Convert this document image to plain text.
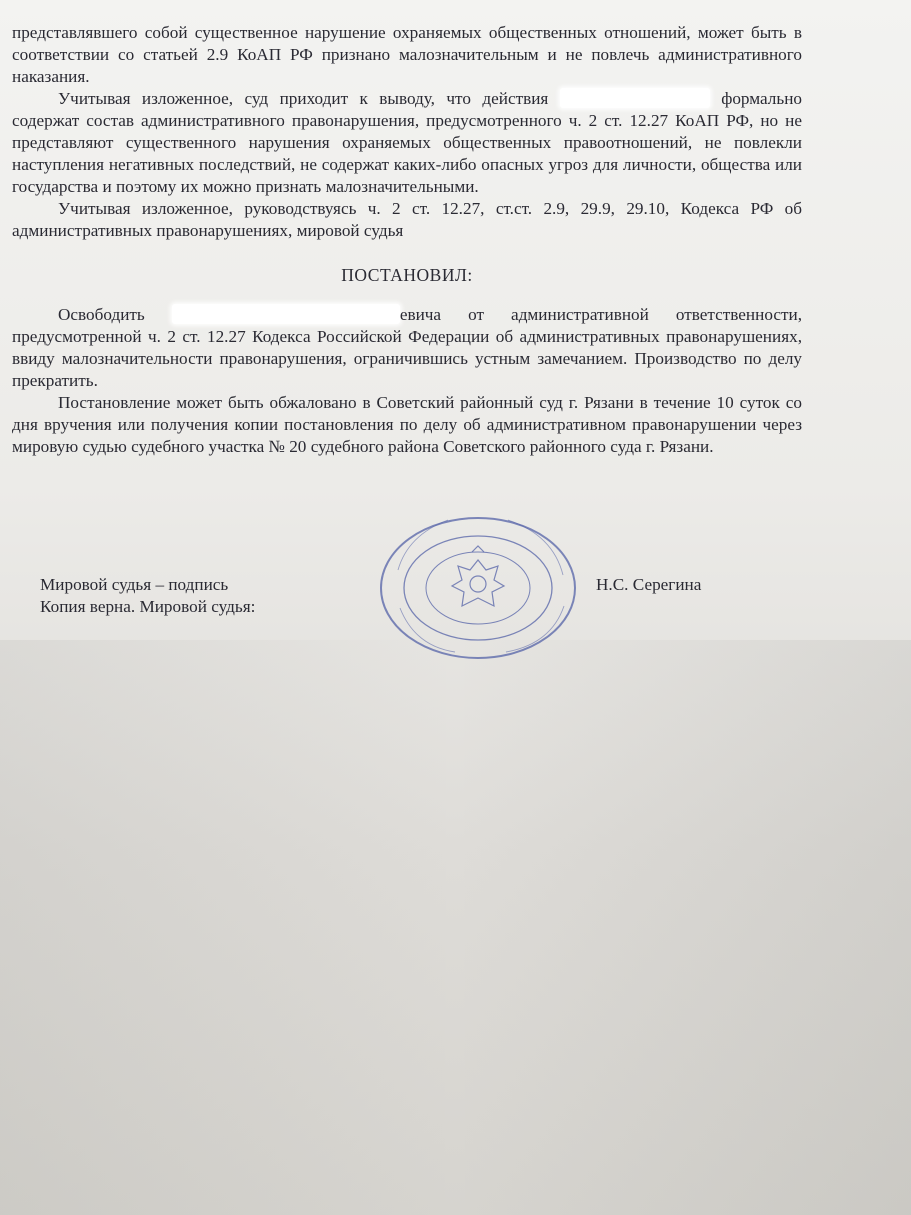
представлявшего собой существенное нарушение охраняемых общественных отношений, может быть в соответствии со статьей 2.9 КоАП РФ признано малозначительным и не повлечь административного наказания.

Учитывая изложенное, суд приходит к выводу, что действия	формально содержат состав административного правонарушения, предусмотренного ч. 2 ст. 12.27 КоАП РФ, но не представляют существенного нарушения охраняемых общественных правоотношений, не повлекли наступления негативных последствий, не содержат каких-либо опасных угроз для личности, общества или государства и поэтому их можно признать малозначительными.

Учитывая изложенное, руководствуясь ч. 2 ст. 12.27, ст.ст. 2.9, 29.9, 29.10, Кодекса РФ об административных правонарушениях, мировой судья

ПОСТАНОВИЛ:

Освободить	евича от административной ответственности, предусмотренной ч. 2 ст. 12.27 Кодекса Российской Федерации об административных правонарушениях, ввиду малозначительности правонарушения, ограничившись устным замечанием. Производство по делу прекратить.

Постановление может быть обжаловано в Советский районный суд г. Рязани в течение 10 суток со дня вручения или получения копии постановления по делу об административном правонарушении через мировую судью судебного участка № 20 судебного района Советского районного суда г. Рязани.

Мировой судья – подпись
Копия верна. Мировой судья:
Н.С. Серегина
